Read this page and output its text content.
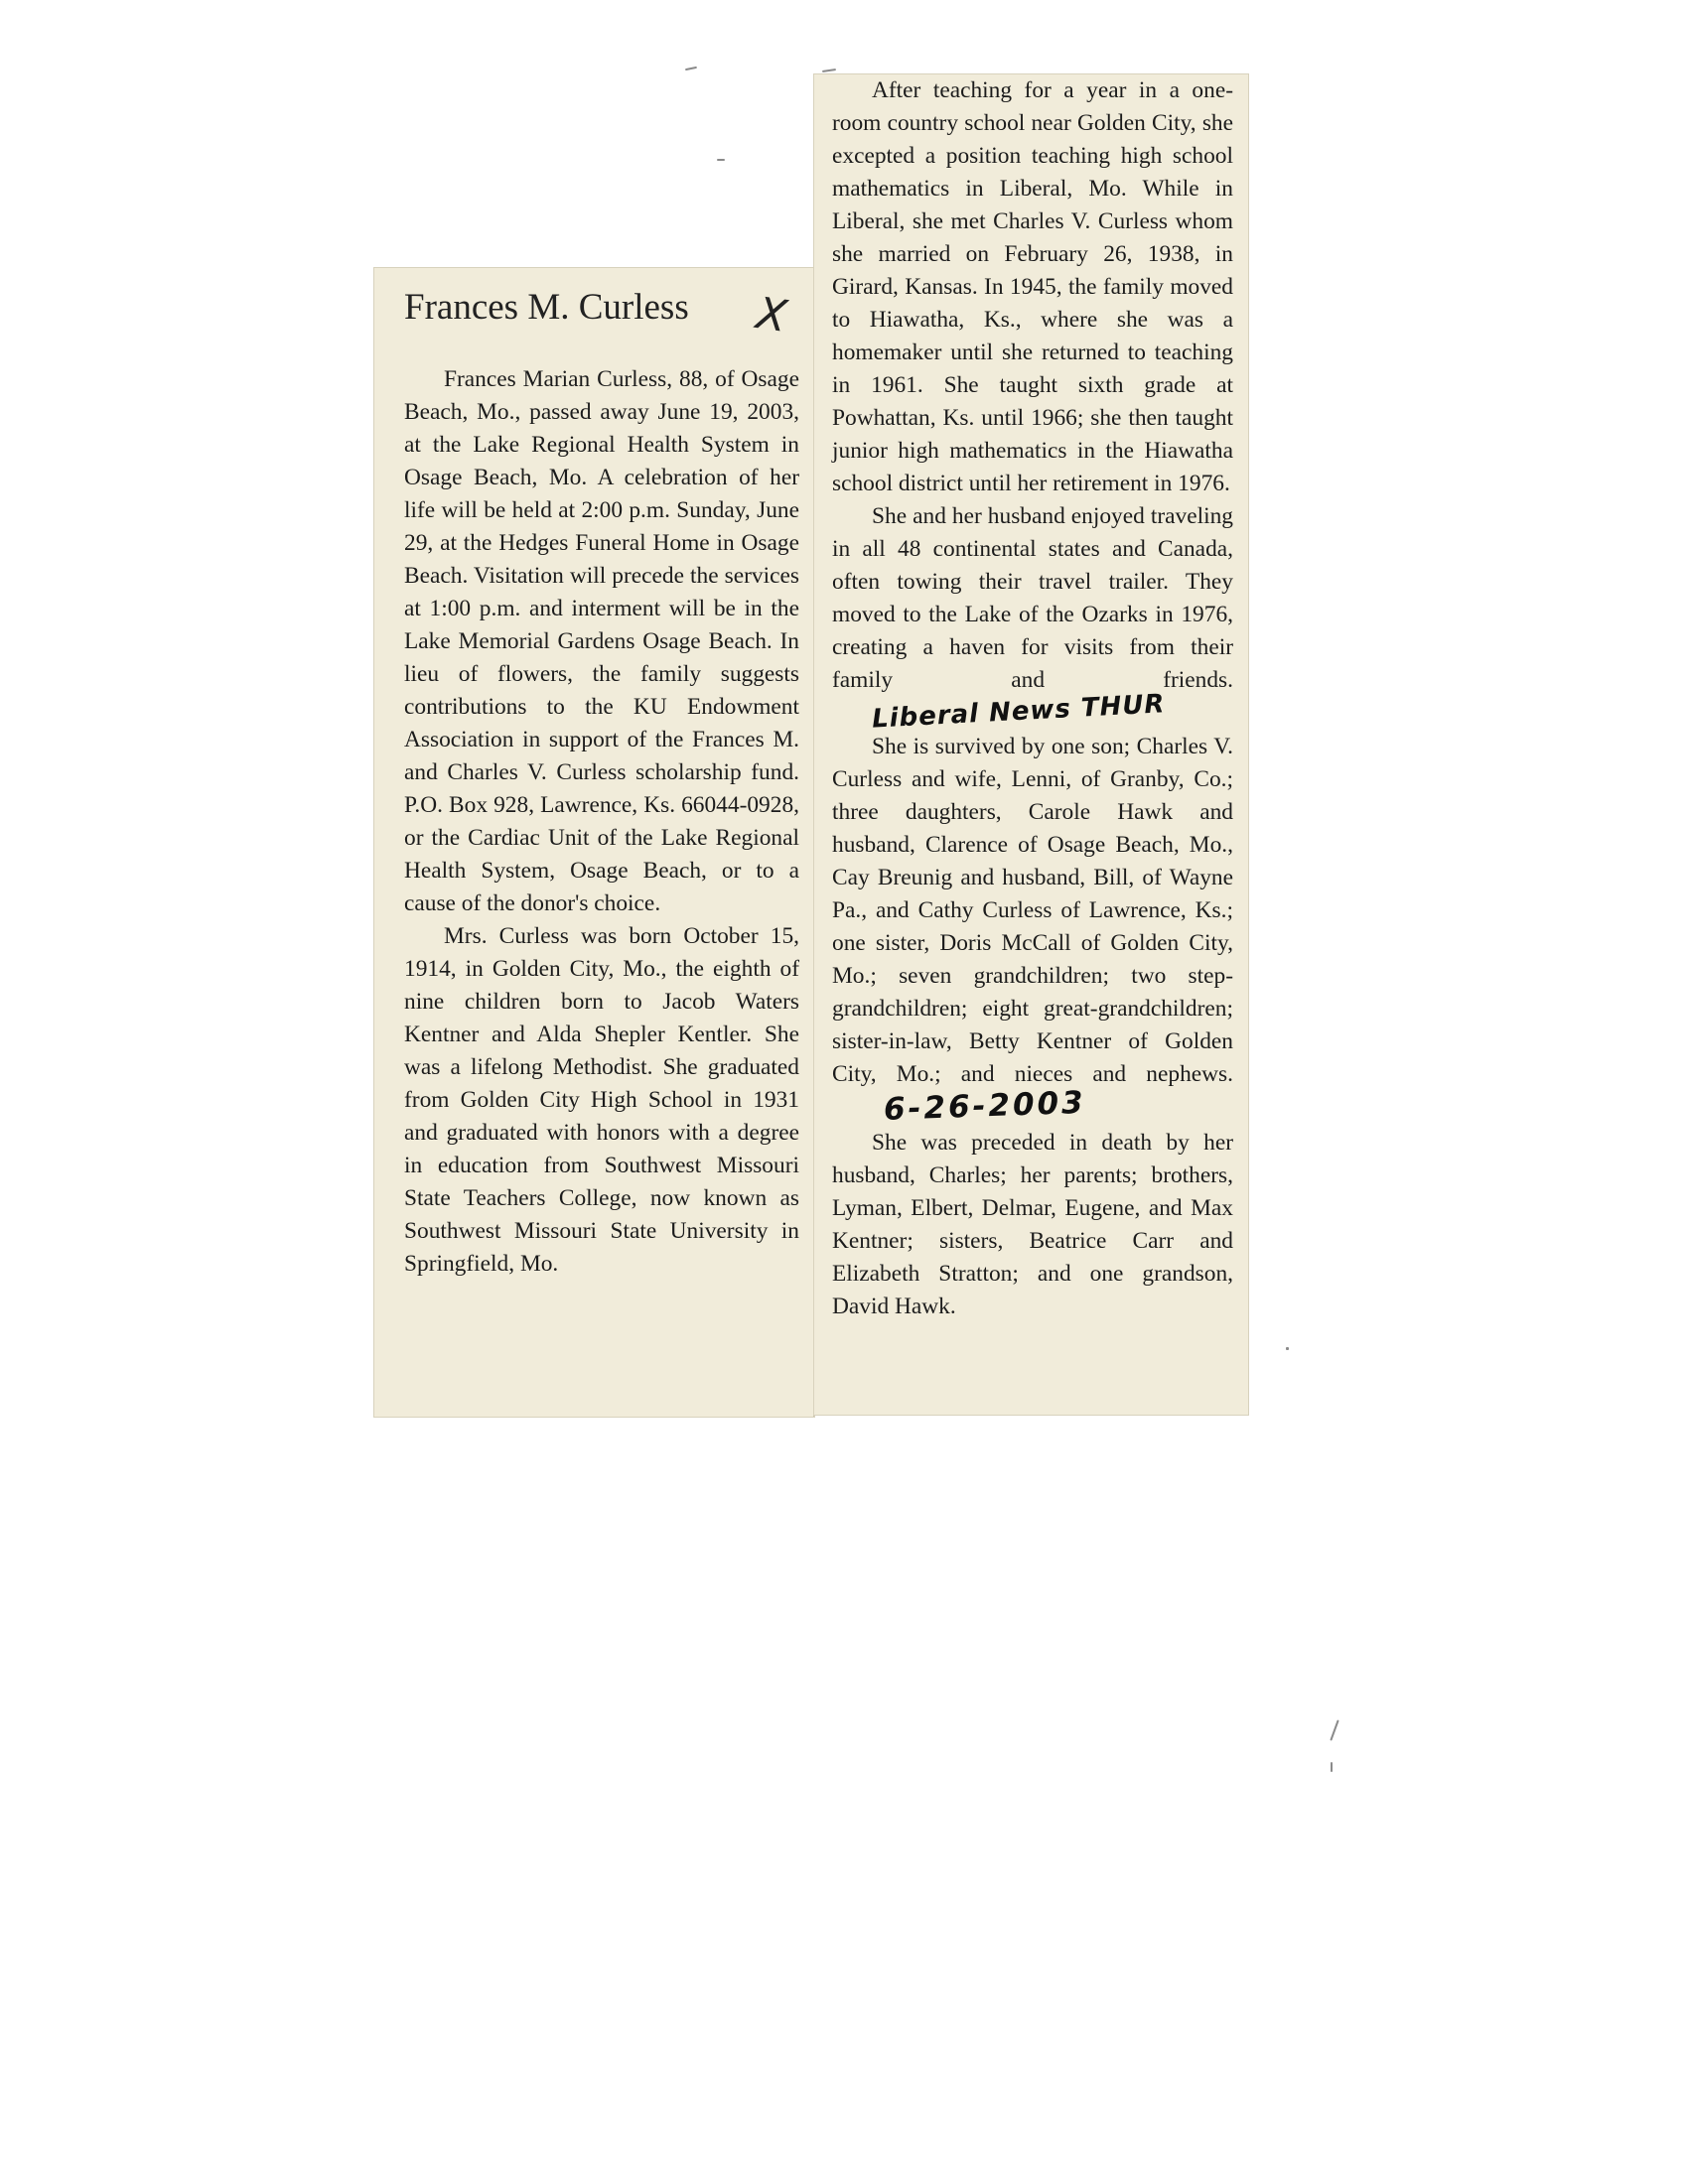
Frances M. Curless

Frances Marian Curless, 88, of Osage Beach, Mo., passed away June 19, 2003, at the Lake Regional Health System in Osage Beach, Mo. A celebration of her life will be held at 2:00 p.m. Sunday, June 29, at the Hedges Funeral Home in Osage Beach. Visitation will precede the services at 1:00 p.m. and interment will be in the Lake Memorial Gardens Osage Beach. In lieu of flowers, the family suggests contributions to the KU Endowment Association in support of the Frances M. and Charles V. Curless scholarship fund. P.O. Box 928, Lawrence, Ks. 66044-0928, or the Cardiac Unit of the Lake Regional Health System, Osage Beach, or to a cause of the donor's choice.

Mrs. Curless was born October 15, 1914, in Golden City, Mo., the eighth of nine children born to Jacob Waters Kentner and Alda Shepler Kentler. She was a lifelong Methodist. She graduated from Golden City High School in 1931 and graduated with honors with a degree in education from Southwest Missouri State Teachers College, now known as Southwest Missouri State University in Springfield, Mo.

X

After teaching for a year in a one-room country school near Golden City, she excepted a position teaching high school mathematics in Liberal, Mo. While in Liberal, she met Charles V. Curless whom she married on February 26, 1938, in Girard, Kansas. In 1945, the family moved to Hiawatha, Ks., where she was a homemaker until she returned to teaching in 1961. She taught sixth grade at Powhattan, Ks. until 1966; she then taught junior high mathematics in the Hiawatha school district until her retirement in 1976.

She and her husband enjoyed traveling in all 48 continental states and Canada, often towing their travel trailer. They moved to the Lake of the Ozarks in 1976, creating a haven for visits from their family and friends. Liberal News THUR

She is survived by one son; Charles V. Curless and wife, Lenni, of Granby, Co.; three daughters, Carole Hawk and husband, Clarence of Osage Beach, Mo., Cay Breunig and husband, Bill, of Wayne Pa., and Cathy Curless of Lawrence, Ks.; one sister, Doris McCall of Golden City, Mo.; seven grandchildren; two step-grandchildren; eight great-grandchildren; sister-in-law, Betty Kentner of Golden City, Mo.; and nieces and nephews.6-26-2003

She was preceded in death by her husband, Charles; her parents; brothers, Lyman, Elbert, Delmar, Eugene, and Max Kentner; sisters, Beatrice Carr and Elizabeth Stratton; and one grandson, David Hawk.
